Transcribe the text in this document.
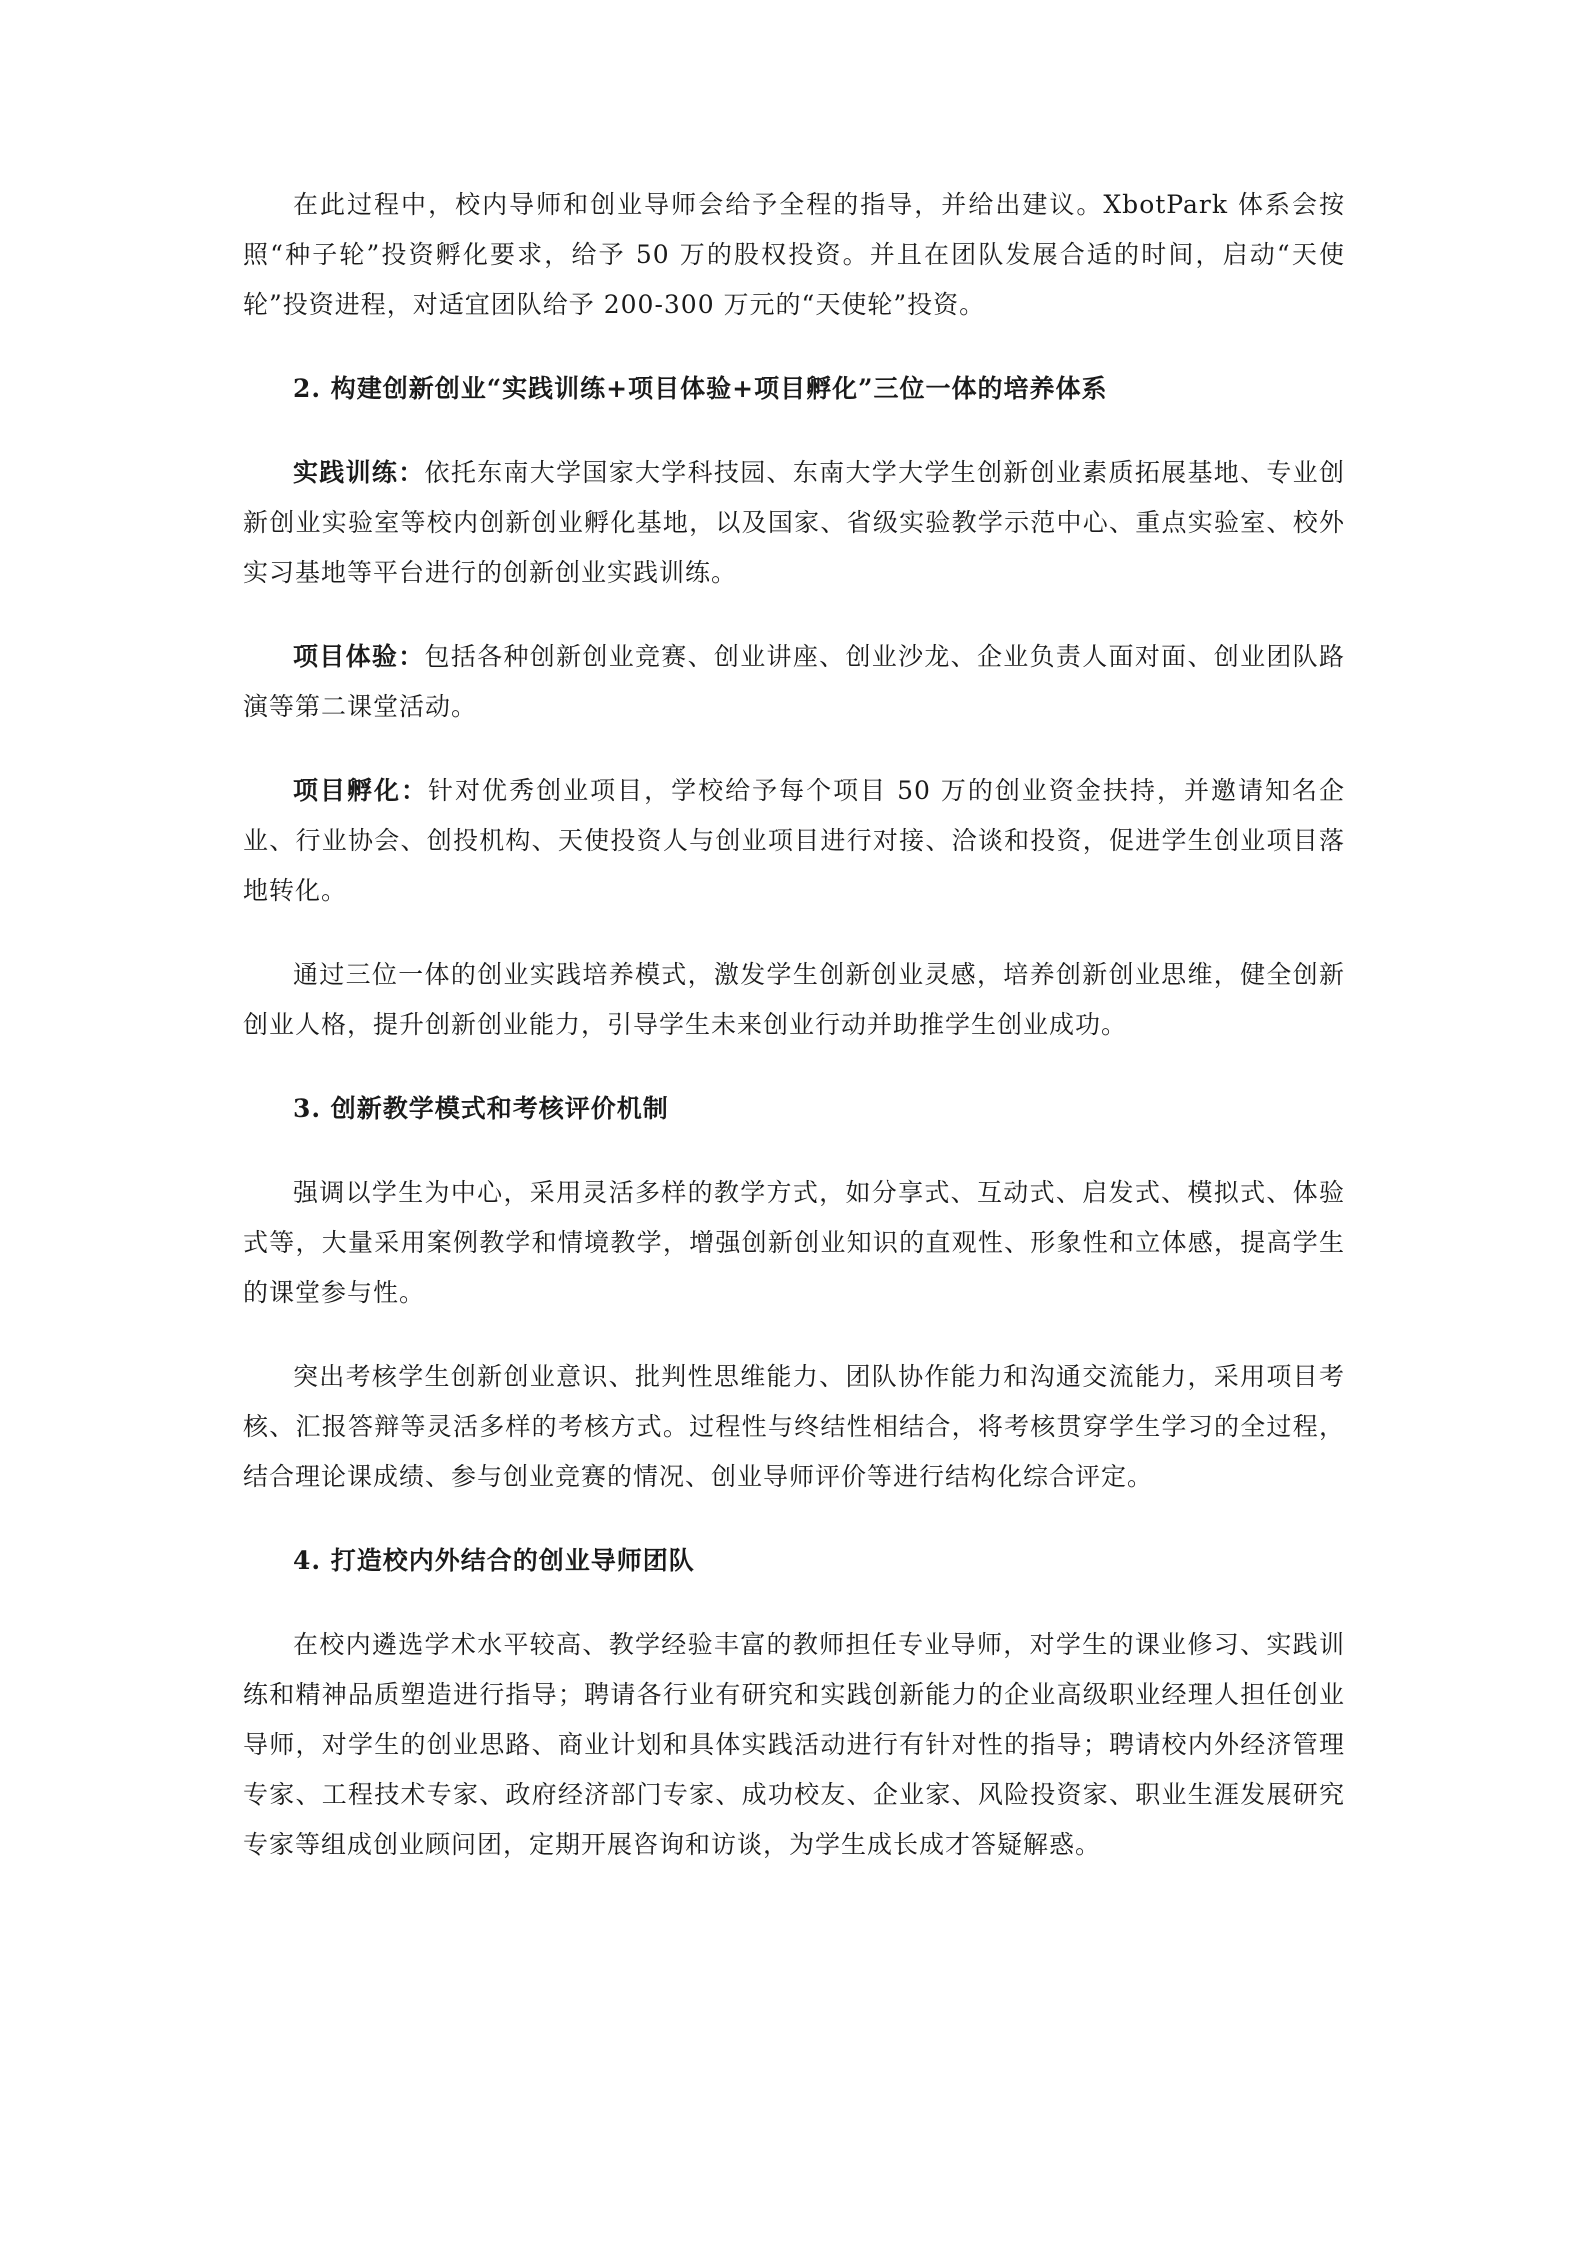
在此过程中，校内导师和创业导师会给予全程的指导，并给出建议。XbotPark 体系会按照“种子轮”投资孵化要求，给予 50 万的股权投资。并且在团队发展合适的时间，启动“天使轮”投资进程，对适宜团队给予 200-300 万元的“天使轮”投资。

2. 构建创新创业“实践训练+项目体验+项目孵化”三位一体的培养体系

实践训练：依托东南大学国家大学科技园、东南大学大学生创新创业素质拓展基地、专业创新创业实验室等校内创新创业孵化基地，以及国家、省级实验教学示范中心、重点实验室、校外实习基地等平台进行的创新创业实践训练。

项目体验：包括各种创新创业竞赛、创业讲座、创业沙龙、企业负责人面对面、创业团队路演等第二课堂活动。

项目孵化：针对优秀创业项目，学校给予每个项目 50 万的创业资金扶持，并邀请知名企业、行业协会、创投机构、天使投资人与创业项目进行对接、洽谈和投资，促进学生创业项目落地转化。

通过三位一体的创业实践培养模式，激发学生创新创业灵感，培养创新创业思维，健全创新创业人格，提升创新创业能力，引导学生未来创业行动并助推学生创业成功。

3. 创新教学模式和考核评价机制

强调以学生为中心，采用灵活多样的教学方式，如分享式、互动式、启发式、模拟式、体验式等，大量采用案例教学和情境教学，增强创新创业知识的直观性、形象性和立体感，提高学生的课堂参与性。

突出考核学生创新创业意识、批判性思维能力、团队协作能力和沟通交流能力，采用项目考核、汇报答辩等灵活多样的考核方式。过程性与终结性相结合，将考核贯穿学生学习的全过程，结合理论课成绩、参与创业竞赛的情况、创业导师评价等进行结构化综合评定。

4. 打造校内外结合的创业导师团队

在校内遴选学术水平较高、教学经验丰富的教师担任专业导师，对学生的课业修习、实践训练和精神品质塑造进行指导；聘请各行业有研究和实践创新能力的企业高级职业经理人担任创业导师，对学生的创业思路、商业计划和具体实践活动进行有针对性的指导；聘请校内外经济管理专家、工程技术专家、政府经济部门专家、成功校友、企业家、风险投资家、职业生涯发展研究专家等组成创业顾问团，定期开展咨询和访谈，为学生成长成才答疑解惑。
